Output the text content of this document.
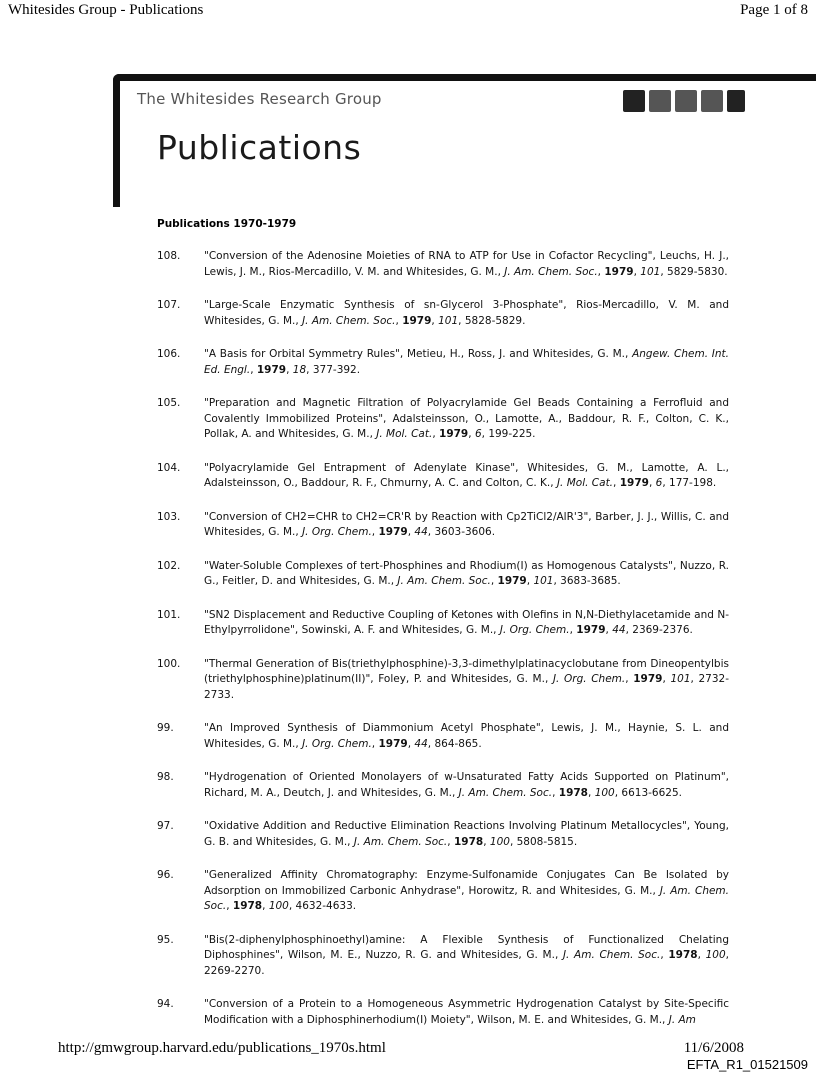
Whitesides Group - Publications	Page 1 of 8
The Whitesides Research Group
Publications
Publications 1970-1979
108.	"Conversion of the Adenosine Moieties of RNA to ATP for Use in Cofactor Recycling", Leuchs, H. J., Lewis, J. M., Rios-Mercadillo, V. M. and Whitesides, G. M., J. Am. Chem. Soc., 1979, 101, 5829-5830.
107.	"Large-Scale Enzymatic Synthesis of sn-Glycerol 3-Phosphate", Rios-Mercadillo, V. M. and Whitesides, G. M., J. Am. Chem. Soc., 1979, 101, 5828-5829.
106.	"A Basis for Orbital Symmetry Rules", Metieu, H., Ross, J. and Whitesides, G. M., Angew. Chem. Int. Ed. Engl., 1979, 18, 377-392.
105.	"Preparation and Magnetic Filtration of Polyacrylamide Gel Beads Containing a Ferrofluid and Covalently Immobilized Proteins", Adalsteinsson, O., Lamotte, A., Baddour, R. F., Colton, C. K., Pollak, A. and Whitesides, G. M., J. Mol. Cat., 1979, 6, 199-225.
104.	"Polyacrylamide Gel Entrapment of Adenylate Kinase", Whitesides, G. M., Lamotte, A. L., Adalsteinsson, O., Baddour, R. F., Chmurny, A. C. and Colton, C. K., J. Mol. Cat., 1979, 6, 177-198.
103.	"Conversion of CH2=CHR to CH2=CR'R by Reaction with Cp2TiCl2/AlR'3", Barber, J. J., Willis, C. and Whitesides, G. M., J. Org. Chem., 1979, 44, 3603-3606.
102.	"Water-Soluble Complexes of tert-Phosphines and Rhodium(I) as Homogenous Catalysts", Nuzzo, R. G., Feitler, D. and Whitesides, G. M., J. Am. Chem. Soc., 1979, 101, 3683-3685.
101.	"SN2 Displacement and Reductive Coupling of Ketones with Olefins in N,N-Diethylacetamide and N-Ethylpyrrolidone", Sowinski, A. F. and Whitesides, G. M., J. Org. Chem., 1979, 44, 2369-2376.
100.	"Thermal Generation of Bis(triethylphosphine)-3,3-dimethylplatinacyclobutane from Dineopentylbis (triethylphosphine)platinum(II)", Foley, P. and Whitesides, G. M., J. Org. Chem., 1979, 101, 2732-2733.
99.	"An Improved Synthesis of Diammonium Acetyl Phosphate", Lewis, J. M., Haynie, S. L. and Whitesides, G. M., J. Org. Chem., 1979, 44, 864-865.
98.	"Hydrogenation of Oriented Monolayers of w-Unsaturated Fatty Acids Supported on Platinum", Richard, M. A., Deutch, J. and Whitesides, G. M., J. Am. Chem. Soc., 1978, 100, 6613-6625.
97.	"Oxidative Addition and Reductive Elimination Reactions Involving Platinum Metallocycles", Young, G. B. and Whitesides, G. M., J. Am. Chem. Soc., 1978, 100, 5808-5815.
96.	"Generalized Affinity Chromatography: Enzyme-Sulfonamide Conjugates Can Be Isolated by Adsorption on Immobilized Carbonic Anhydrase", Horowitz, R. and Whitesides, G. M., J. Am. Chem. Soc., 1978, 100, 4632-4633.
95.	"Bis(2-diphenylphosphinoethyl)amine: A Flexible Synthesis of Functionalized Chelating Diphosphines", Wilson, M. E., Nuzzo, R. G. and Whitesides, G. M., J. Am. Chem. Soc., 1978, 100, 2269-2270.
94.	"Conversion of a Protein to a Homogeneous Asymmetric Hydrogenation Catalyst by Site-Specific Modification with a Diphosphinerhodium(I) Moiety", Wilson, M. E. and Whitesides, G. M., J. Am
http://gmwgroup.harvard.edu/publications_1970s.html	11/6/2008
EFTA_R1_01521509
